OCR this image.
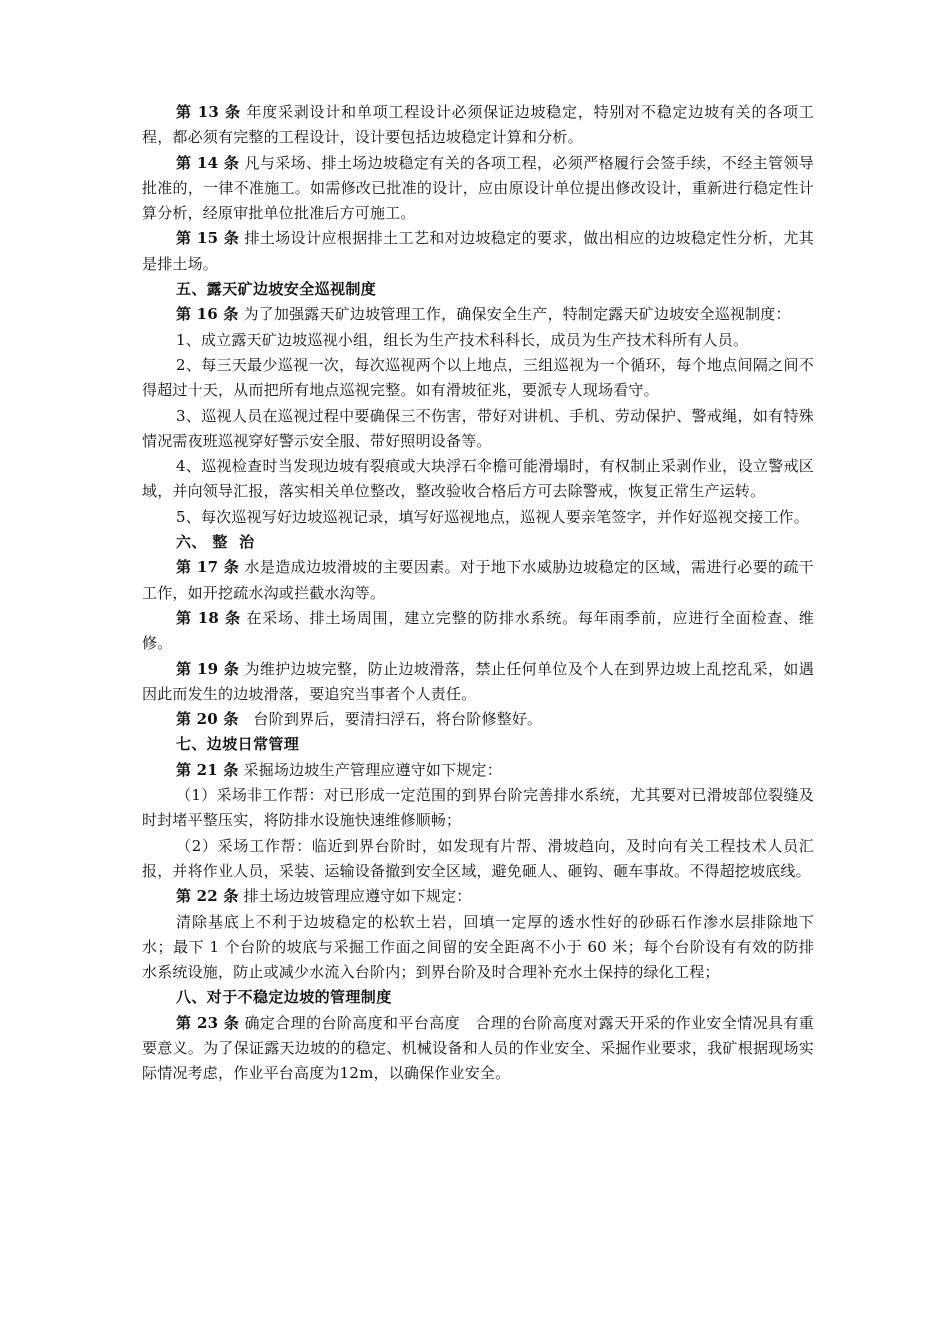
第 13 条 年度采剥设计和单项工程设计必须保证边坡稳定，特别对不稳定边坡有关的各项工程，都必须有完整的工程设计，设计要包括边坡稳定计算和分析。

第 14 条 凡与采场、排土场边坡稳定有关的各项工程，必须严格履行会签手续，不经主管领导批准的，一律不准施工。如需修改已批准的设计，应由原设计单位提出修改设计，重新进行稳定性计算分析，经原审批单位批准后方可施工。

第 15 条 排土场设计应根据排土工艺和对边坡稳定的要求，做出相应的边坡稳定性分析，尤其是排土场。

五、露天矿边坡安全巡视制度

第 16 条 为了加强露天矿边坡管理工作，确保安全生产，特制定露天矿边坡安全巡视制度：

1、成立露天矿边坡巡视小组，组长为生产技术科科长，成员为生产技术科所有人员。

2、每三天最少巡视一次，每次巡视两个以上地点，三组巡视为一个循环，每个地点间隔之间不得超过十天，从而把所有地点巡视完整。如有滑坡征兆，要派专人现场看守。

3、巡视人员在巡视过程中要确保三不伤害，带好对讲机、手机、劳动保护、警戒绳，如有特殊情况需夜班巡视穿好警示安全服、带好照明设备等。

4、巡视检查时当发现边坡有裂痕或大块浮石伞檐可能滑塌时，有权制止采剥作业，设立警戒区域，并向领导汇报，落实相关单位整改，整改验收合格后方可去除警戒，恢复正常生产运转。

5、每次巡视写好边坡巡视记录，填写好巡视地点，巡视人要亲笔签字，并作好巡视交接工作。

六、 整  治

第 17 条 水是造成边坡滑坡的主要因素。对于地下水威胁边坡稳定的区域，需进行必要的疏干工作，如开挖疏水沟或拦截水沟等。

第 18 条 在采场、排土场周围，建立完整的防排水系统。每年雨季前，应进行全面检查、维修。

第 19 条 为维护边坡完整，防止边坡滑落，禁止任何单位及个人在到界边坡上乱挖乱采，如遇因此而发生的边坡滑落，要追究当事者个人责任。

第 20 条   台阶到界后，要清扫浮石，将台阶修整好。

七、边坡日常管理

第 21 条 采掘场边坡生产管理应遵守如下规定：

（1）采场非工作帮：对已形成一定范围的到界台阶完善排水系统，尤其要对已滑坡部位裂缝及时封堵平整压实，将防排水设施快速维修顺畅；

（2）采场工作帮：临近到界台阶时，如发现有片帮、滑坡趋向，及时向有关工程技术人员汇报，并将作业人员，采装、运输设备撤到安全区域，避免砸人、砸钩、砸车事故。不得超挖坡底线。

第 22 条 排土场边坡管理应遵守如下规定：

清除基底上不利于边坡稳定的松软土岩，回填一定厚的透水性好的砂砾石作渗水层排除地下水；最下 1 个台阶的坡底与采掘工作面之间留的安全距离不小于 60 米；每个台阶设有有效的防排水系统设施，防止或减少水流入台阶内；到界台阶及时合理补充水土保持的绿化工程；

八、对于不稳定边坡的管理制度

第 23 条 确定合理的台阶高度和平台高度   合理的台阶高度对露天开采的作业安全情况具有重要意义。为了保证露天边坡的的稳定、机械设备和人员的作业安全、采掘作业要求，我矿根据现场实际情况考虑，作业平台高度为12m，以确保作业安全。
